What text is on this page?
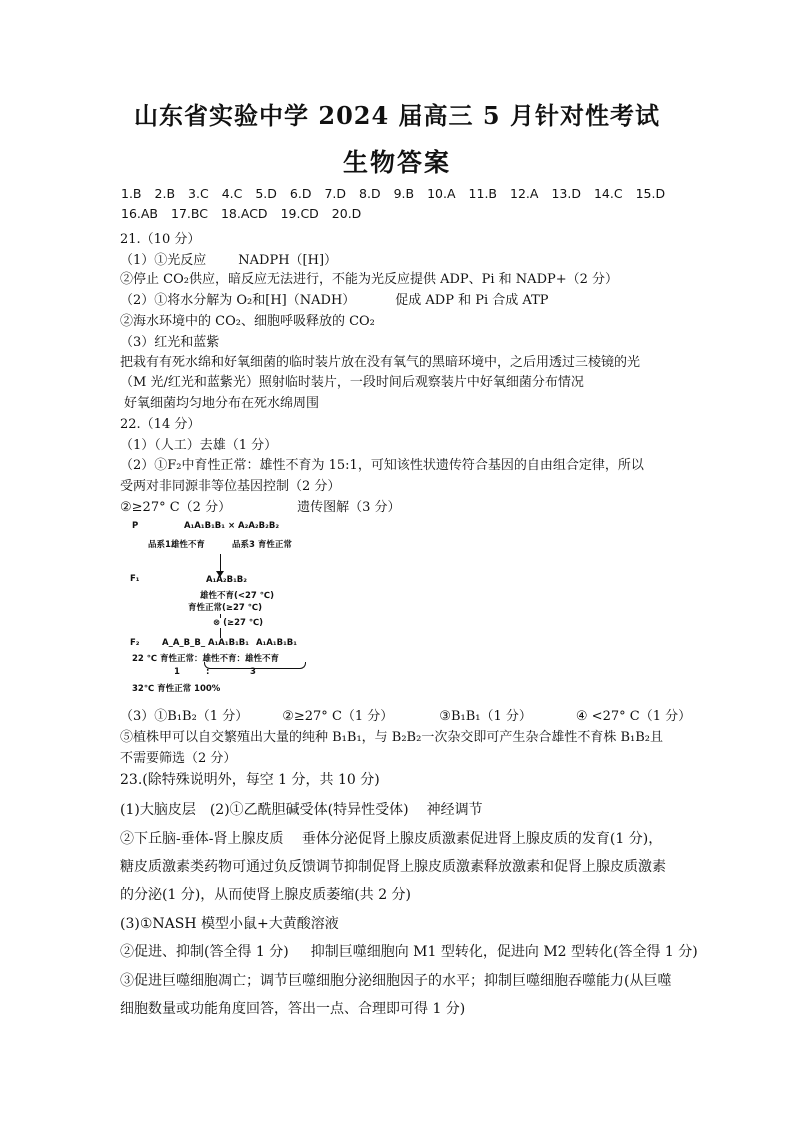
山东省实验中学 2024 届高三 5 月针对性考试
生物答案
1.B 2.B 3.C 4.C 5.D 6.D 7.D 8.D 9.B 10.A 11.B 12.A 13.D 14.C 15.D
16.AB 17.BC 18.ACD 19.CD 20.D
21.（10 分）
（1）①光反应 NADPH（[H]）
②停止 CO₂供应，暗反应无法进行，不能为光反应提供 ADP、Pi 和 NADP+（2 分）
（2）①将水分解为 O₂和[H]（NADH）	促成 ADP 和 Pi 合成 ATP
②海水环境中的 CO₂、细胞呼吸释放的 CO₂
（3）红光和蓝紫
把栽有有死水绵和好氧细菌的临时装片放在没有氧气的黑暗环境中，之后用透过三棱镜的光
（M 光/红光和蓝紫光）照射临时装片，一段时间后观察装片中好氧细菌分布情况
好氧细菌均匀地分布在死水绵周围
22.（14 分）
（1）（人工）去雄（1 分）
（2）①F₂中育性正常：雄性不育为 15:1，可知该性状遗传符合基因的自由组合定律，所以
受两对非同源非等位基因控制（2 分）
②≥27° C（2 分）	遗传图解（3 分）
P	A₁A₁B₁B₁ × A₂A₂B₂B₂
品系1雄性不育	品系3 育性正常
F₁	A₁A₂B₁B₂
雄性不育(<27 ℃)
育性正常(≥27 ℃)
⊗ (≥27 ℃)
F₂	A_A_B_B_ A₁A₁B₁B₁ A₁A₁B₁B₁
22 ℃ 育性正常：雄性不育：雄性不育
1	:	3
32℃ 育性正常 100%
（3）①B₁B₂（1 分）	②≥27° C（1 分）	③B₁B₁（1 分）	④ <27° C（1 分）
⑤植株甲可以自交繁殖出大量的纯种 B₁B₁，与 B₂B₂一次杂交即可产生杂合雄性不育株 B₁B₂且
不需要筛选（2 分）
23.(除特殊说明外，每空 1 分，共 10 分)
(1)大脑皮层 (2)①乙酰胆碱受体(特异性受体) 神经调节
②下丘脑-垂体-肾上腺皮质　 垂体分泌促肾上腺皮质激素促进肾上腺皮质的发育(1 分)，
糖皮质激素类药物可通过负反馈调节抑制促肾上腺皮质激素释放激素和促肾上腺皮质激素
的分泌(1 分)，从而使肾上腺皮质萎缩(共 2 分)
(3)①NASH 模型小鼠+大黄酸溶液
②促进、抑制(答全得 1 分) 抑制巨噬细胞向 M1 型转化，促进向 M2 型转化(答全得 1 分)
③促进巨噬细胞凋亡；调节巨噬细胞分泌细胞因子的水平；抑制巨噬细胞吞噬能力(从巨噬
细胞数量或功能角度回答，答出一点、合理即可得 1 分)
